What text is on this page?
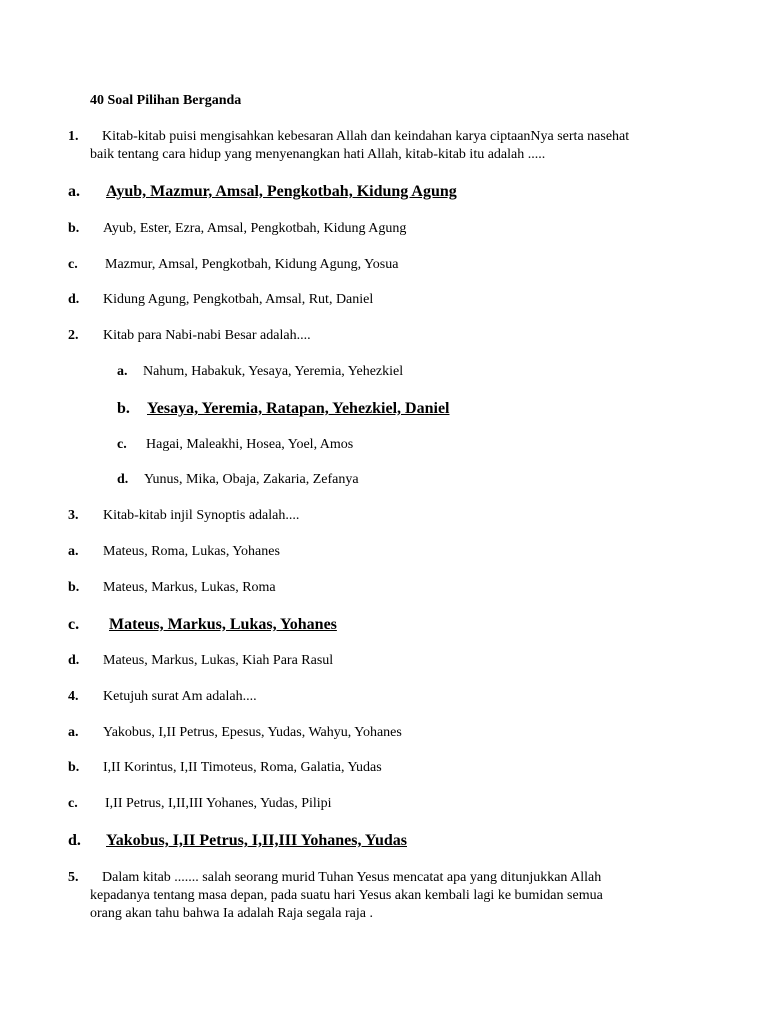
40 Soal Pilihan Berganda
1.	Kitab-kitab puisi mengisahkan kebesaran Allah dan keindahan karya ciptaanNya serta nasehat
baik tentang cara hidup yang menyenangkan hati Allah, kitab-kitab itu adalah .....
a. Ayub, Mazmur, Amsal, Pengkotbah, Kidung Agung
b. Ayub, Ester, Ezra, Amsal, Pengkotbah, Kidung Agung
c. Mazmur, Amsal, Pengkotbah, Kidung Agung, Yosua
d. Kidung Agung, Pengkotbah, Amsal, Rut, Daniel
2. Kitab para Nabi-nabi Besar adalah....
a. Nahum, Habakuk, Yesaya, Yeremia, Yehezkiel
b. Yesaya, Yeremia, Ratapan, Yehezkiel, Daniel
c. Hagai, Maleakhi, Hosea, Yoel, Amos
d. Yunus, Mika, Obaja, Zakaria, Zefanya
3. Kitab-kitab injil Synoptis adalah....
a. Mateus, Roma, Lukas, Yohanes
b. Mateus, Markus, Lukas, Roma
c. Mateus, Markus, Lukas, Yohanes
d. Mateus, Markus, Lukas, Kiah Para Rasul
4. Ketujuh surat Am adalah....
a. Yakobus, I,II Petrus, Epesus, Yudas, Wahyu, Yohanes
b. I,II Korintus, I,II Timoteus, Roma, Galatia, Yudas
c. I,II Petrus, I,II,III Yohanes, Yudas, Pilipi
d. Yakobus, I,II Petrus, I,II,III Yohanes, Yudas
5.	Dalam kitab ....... salah seorang murid Tuhan Yesus mencatat apa yang ditunjukkan Allah
kepadanya tentang masa depan, pada suatu hari Yesus akan kembali lagi ke bumidan semua
orang akan tahu bahwa Ia adalah Raja segala raja .
